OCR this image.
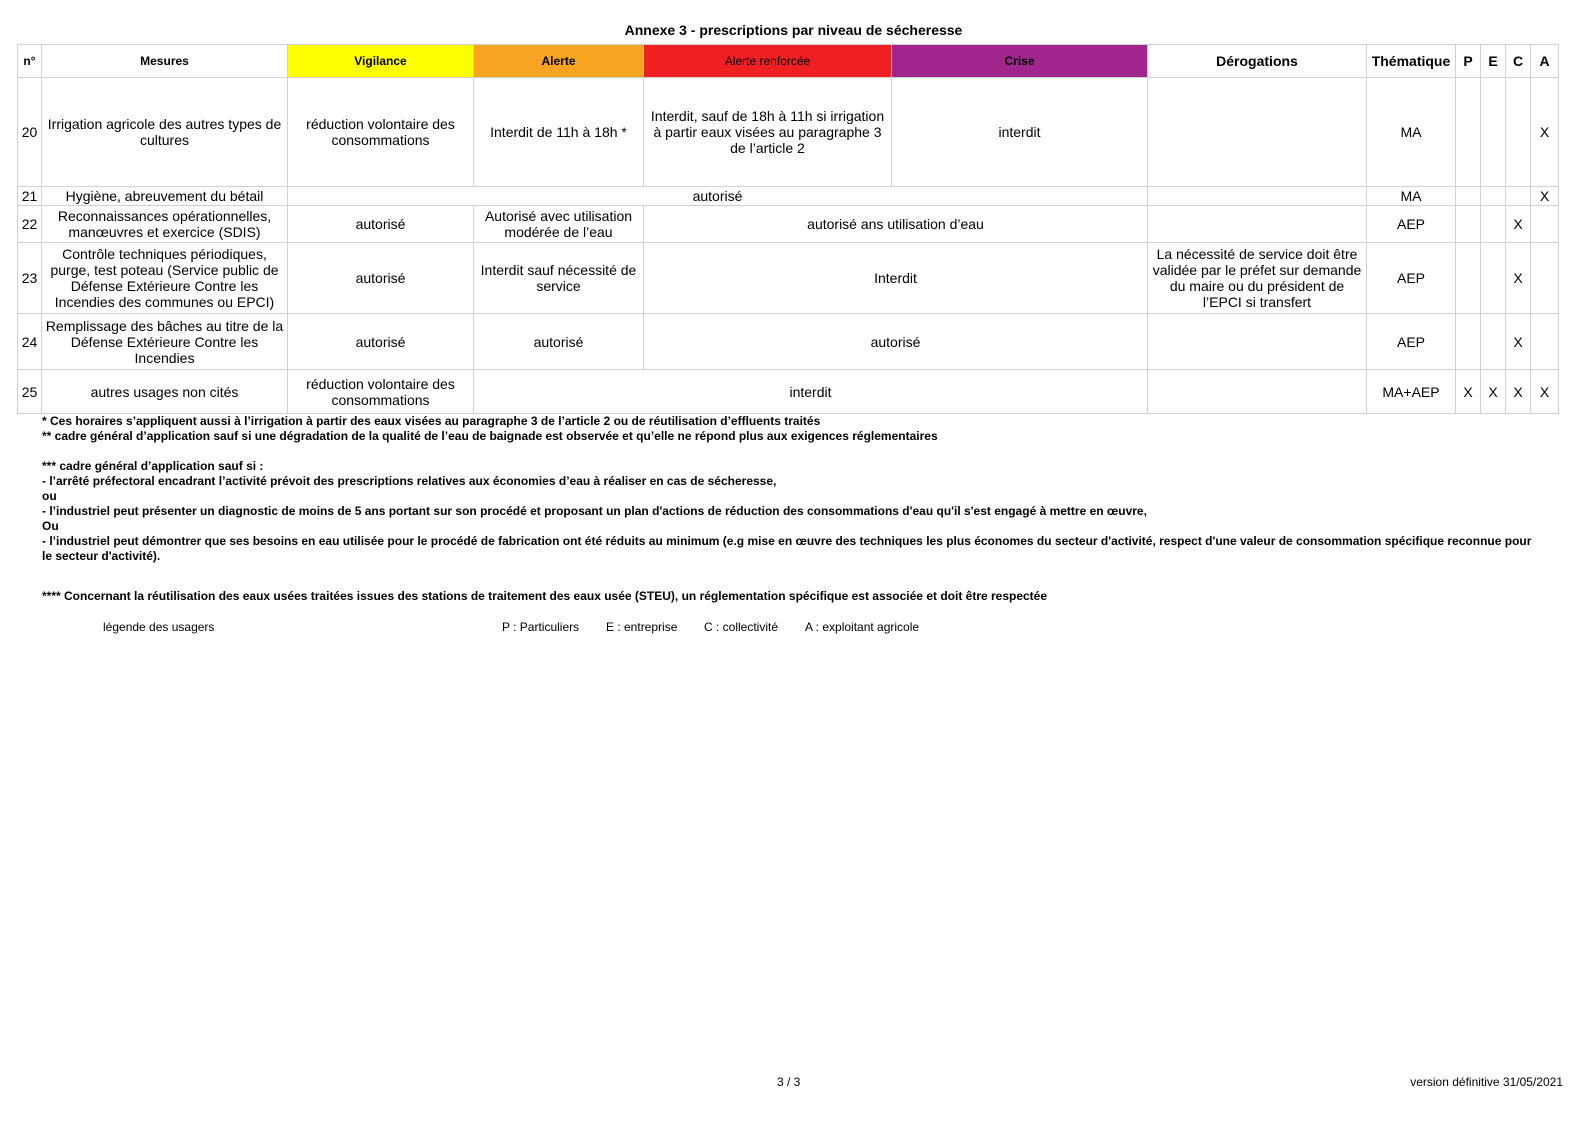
Annexe 3 - prescriptions par niveau de sécheresse
n°	Mesures	Vigilance	Alerte	Alerte renforcée	Crise	Dérogations	Thématique	P	E	C	A
20	Irrigation agricole des autres types de cultures	réduction volontaire des consommations	Interdit de 11h à 18h *	Interdit, sauf de 18h à 11h si irrigation à partir eaux visées au paragraphe 3 de l’article 2	interdit		MA				X
21	Hygiène, abreuvement du bétail	autorisé					MA				X
22	Reconnaissances opérationnelles, manœuvres et exercice (SDIS)	autorisé	Autorisé avec utilisation modérée de l’eau	autorisé ans utilisation d’eau			AEP			X	
23	Contrôle techniques périodiques, purge, test poteau (Service public de Défense Extérieure Contre les Incendies des communes ou EPCI)	autorisé	Interdit sauf nécessité de service	Interdit		La nécessité de service doit être validée par le préfet sur demande du maire ou du président de l’EPCI si transfert	AEP			X	
24	Remplissage des bâches au titre de la Défense Extérieure Contre les Incendies	autorisé	autorisé	autorisé			AEP			X	
25	autres usages non cités	réduction volontaire des consommations	interdit				MA+AEP	X	X	X	X

* Ces horaires s’appliquent aussi à l’irrigation à partir des eaux visées au paragraphe 3 de l’article 2 ou de réutilisation d’effluents traités

** cadre général d’application sauf si une dégradation de la qualité de l’eau de baignade est observée et qu’elle ne répond plus aux exigences réglementaires

*** cadre général d’application sauf si :

- l’arrêté préfectoral encadrant l’activité prévoit des prescriptions relatives aux économies d’eau à réaliser en cas de sécheresse,

ou

- l’industriel peut présenter un diagnostic de moins de 5 ans portant sur son procédé et proposant un plan d'actions de réduction des consommations d'eau qu'il s'est engagé à mettre en œuvre,

Ou

- l’industriel peut démontrer que ses besoins en eau utilisée pour le procédé de fabrication ont été réduits au minimum (e.g mise en œuvre des techniques les plus économes du secteur d'activité, respect d'une valeur de consommation spécifique reconnue pour le secteur d'activité).

**** Concernant la réutilisation des eaux usées traitées issues des stations de traitement des eaux usée (STEU), un réglementation spécifique est associée et doit être respectée

légende des usagers	P : Particuliers E : entreprise C : collectivité A : exploitant agricole
3 / 3	version définitive 31/05/2021
